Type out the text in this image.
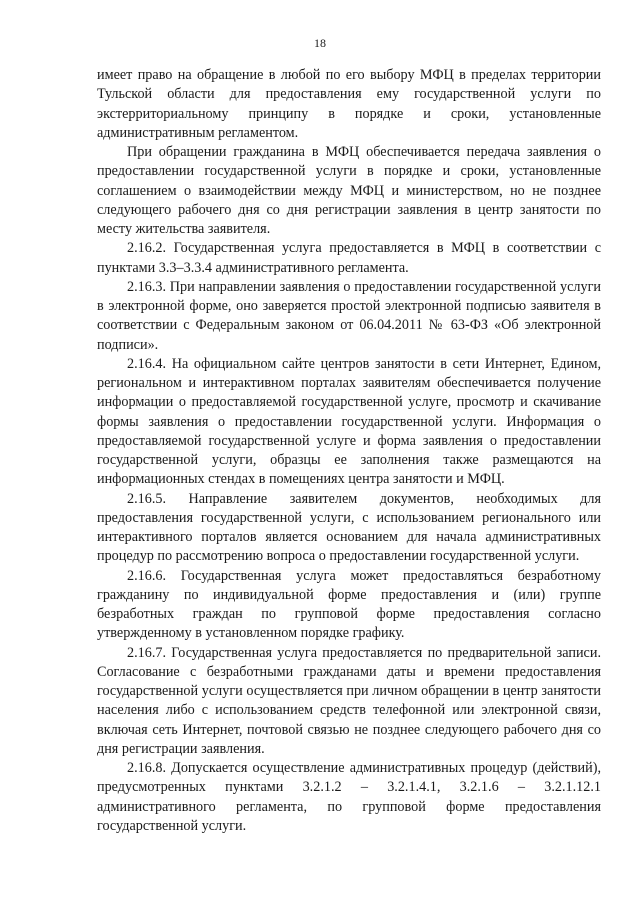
18

имеет право на обращение в любой по его выбору МФЦ в пределах территории Тульской области для предоставления ему государственной услуги по экстерриториальному принципу в порядке и сроки, установленные административным регламентом.

При обращении гражданина в МФЦ обеспечивается передача заявления о предоставлении государственной услуги в порядке и сроки, установленные соглашением о взаимодействии между МФЦ и министерством, но не позднее следующего рабочего дня со дня регистрации заявления в центр занятости по месту жительства заявителя.

2.16.2. Государственная услуга предоставляется в МФЦ в соответствии с пунктами 3.3–3.3.4 административного регламента.

2.16.3. При направлении заявления о предоставлении государственной услуги в электронной форме, оно заверяется простой электронной подписью заявителя в соответствии с Федеральным законом от 06.04.2011 № 63-ФЗ «Об электронной подписи».

2.16.4. На официальном сайте центров занятости в сети Интернет, Едином, региональном и интерактивном порталах заявителям обеспечивается получение информации о предоставляемой государственной услуге, просмотр и скачивание формы заявления о предоставлении государственной услуги. Информация о предоставляемой государственной услуге и формa заявления о предоставлении государственной услуги, образцы ее заполнения также размещаются на информационных стендах в помещениях центра занятости и МФЦ.

2.16.5. Направление заявителем документов, необходимых для предоставления государственной услуги, с использованием регионального или интерактивного порталов является основанием для начала административных процедур по рассмотрению вопроса о предоставлении государственной услуги.

2.16.6. Государственная услуга может предоставляться безработному гражданину по индивидуальной форме предоставления и (или) группе безработных граждан по групповой форме предоставления согласно утвержденному в установленном порядке графику.

2.16.7. Государственная услуга предоставляется по предварительной записи. Согласование с безработными гражданами даты и времени предоставления государственной услуги осуществляется при личном обращении в центр занятости населения либо с использованием средств телефонной или электронной связи, включая сеть Интернет, почтовой связью не позднее следующего рабочего дня со дня регистрации заявления.

2.16.8. Допускается осуществление административных процедур (действий), предусмотренных пунктами 3.2.1.2 – 3.2.1.4.1, 3.2.1.6 – 3.2.1.12.1 административного регламента, по групповой форме предоставления государственной услуги.
